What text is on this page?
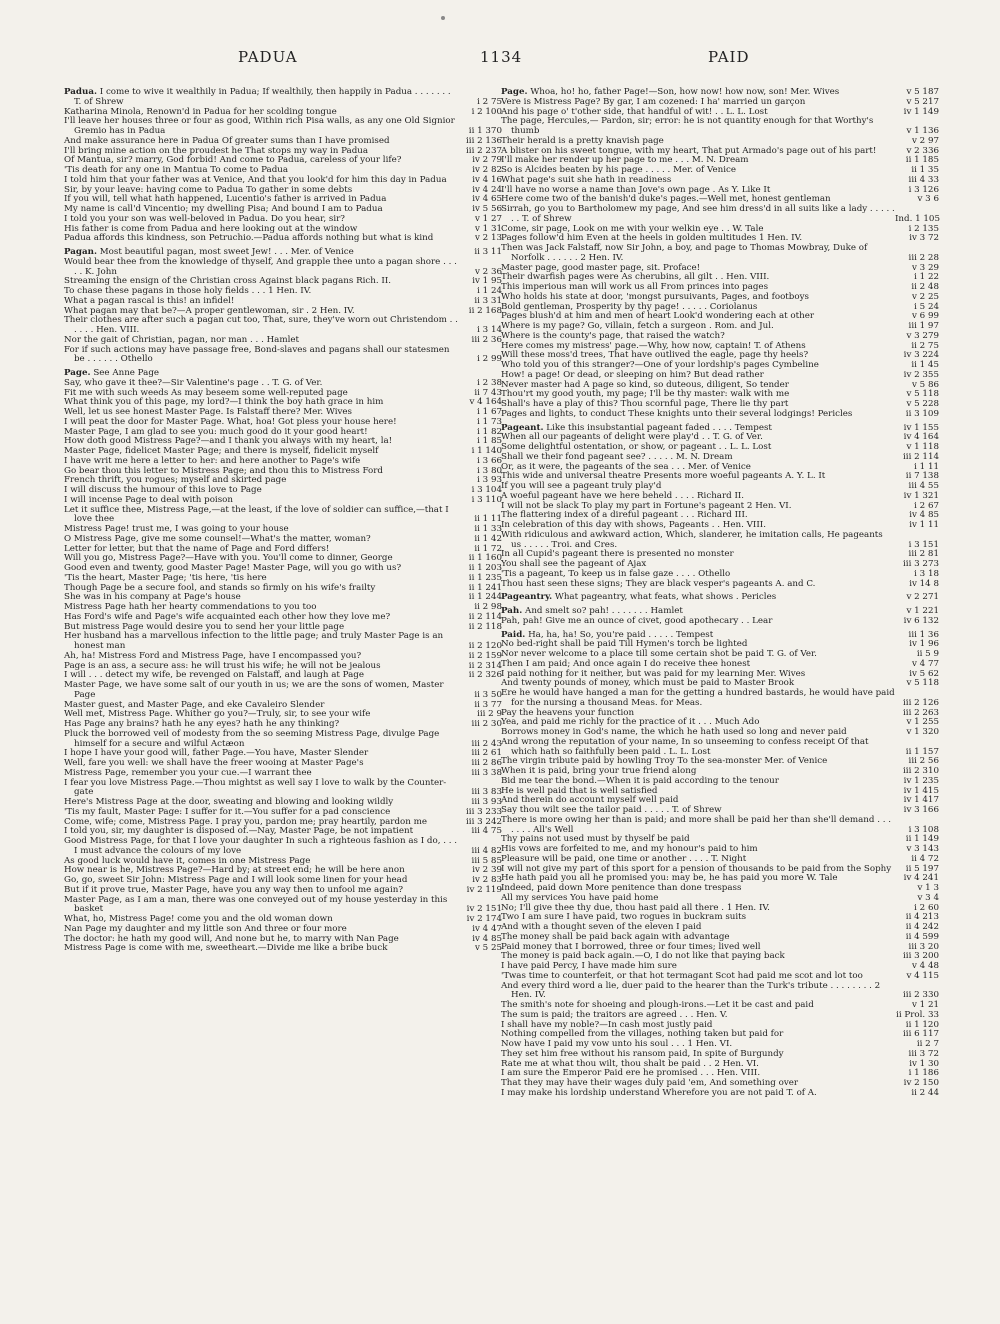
PADUA	1134	PAID
Padua. I come to wive it wealthily in Padua; If wealthily, then happily in Padua . . . . . . . T. of Shrew	i 2 75
Katharina Minola, Renown'd in Padua for her scolding tongue	i 2 100
I'll leave her houses three or four as good, Within rich Pisa walls, as any one Old Signior Gremio has in Padua	ii 1 370
And make assurance here in Padua Of greater sums than I have promised	iii 2 136
I'll bring mine action on the proudest he That stops my way in Padua	iii 2 237
Of Mantua, sir? marry, God forbid! And come to Padua, careless of your life?	iv 2 79
'Tis death for any one in Mantua To come to Padua	iv 2 82
I told him that your father was at Venice, And that you look'd for him this day in Padua	iv 4 16
Sir, by your leave: having come to Padua To gather in some debts	iv 4 24
If you will, tell what hath happened, Lucentio's father is arrived in Padua	iv 4 65
My name is call'd Vincentio; my dwelling Pisa; And bound I am to Padua	iv 5 56
I told you your son was well-beloved in Padua. Do you hear, sir?	v 1 27
His father is come from Padua and here looking out at the window	v 1 31
Padua affords this kindness, son Petruchio.—Padua affords nothing but what is kind	v 2 13
Pagan. Most beautiful pagan, most sweet Jew! . . . Mer. of Venice	ii 3 11
Would bear thee from the knowledge of thyself, And grapple thee unto a pagan shore . . . . . K. John	v 2 36
Streaming the ensign of the Christian cross Against black pagans Rich. II.	iv 1 95
To chase these pagans in those holy fields . . . 1 Hen. IV.	i 1 24
What a pagan rascal is this! an infidel!	ii 3 31
What pagan may that be?—A proper gentlewoman, sir . 2 Hen. IV.	ii 2 168
Their clothes are after such a pagan cut too, That, sure, they've worn out Christendom . . . . . . Hen. VIII.	i 3 14
Nor the gait of Christian, pagan, nor man . . . Hamlet	iii 2 36
For if such actions may have passage free, Bond-slaves and pagans shall our statesmen be . . . . . . Othello	i 2 99
Page. See Anne Page
Say, who gave it thee?—Sir Valentine's page . . T. G. of Ver.	i 2 38
Fit me with such weeds As may beseem some well-reputed page	ii 7 43
What think you of this page, my lord?—I think the boy hath grace in him	v 4 164
Well, let us see honest Master Page. Is Falstaff there? Mer. Wives	i 1 67
I will peat the door for Master Page. What, hoa! Got pless your house here!	i 1 73
Master Page, I am glad to see you: much good do it your good heart!	i 1 82
How doth good Mistress Page?—and I thank you always with my heart, la!	i 1 85
Master Page, fidelicet Master Page; and there is myself, fidelicit myself	i 1 140
I have writ me here a letter to her: and here another to Page's wife	i 3 66
Go bear thou this letter to Mistress Page; and thou this to Mistress Ford	i 3 80
French thrift, you rogues; myself and skirted page	i 3 93
I will discuss the humour of this love to Page	i 3 104
I will incense Page to deal with poison	i 3 110
Let it suffice thee, Mistress Page,—at the least, if the love of soldier can suffice,—that I love thee	ii 1 11
Mistress Page! trust me, I was going to your house	ii 1 33
O Mistress Page, give me some counsel!—What's the matter, woman?	ii 1 42
Letter for letter, but that the name of Page and Ford differs!	ii 1 72
Will you go, Mistress Page?—Have with you. You'll come to dinner, George	ii 1 160
Good even and twenty, good Master Page! Master Page, will you go with us?	ii 1 203
'Tis the heart, Master Page; 'tis here, 'tis here	ii 1 235
Though Page be a secure fool, and stands so firmly on his wife's frailty	ii 1 241
She was in his company at Page's house	ii 1 244
Mistress Page hath her hearty commendations to you too	ii 2 98
Has Ford's wife and Page's wife acquainted each other how they love me?	ii 2 114
But mistress Page would desire you to send her your little page	ii 2 118
Her husband has a marvellous infection to the little page; and truly Master Page is an honest man	ii 2 120
Ah, ha! Mistress Ford and Mistress Page, have I encompassed you?	ii 2 159
Page is an ass, a secure ass: he will trust his wife; he will not be jealous	ii 2 314
I will . . . detect my wife, be revenged on Falstaff, and laugh at Page	ii 2 326
Master Page, we have some salt of our youth in us; we are the sons of women, Master Page	ii 3 50
Master guest, and Master Page, and eke Cavaleiro Slender	ii 3 77
Well met, Mistress Page. Whither go you?—Truly, sir, to see your wife	iii 2 9
Has Page any brains? hath he any eyes? hath he any thinking?	iii 2 30
Pluck the borrowed veil of modesty from the so seeming Mistress Page, divulge Page himself for a secure and wilful Actæon	iii 2 43
I hope I have your good will, father Page.—You have, Master Slender	iii 2 61
Well, fare you well: we shall have the freer wooing at Master Page's	iii 2 86
Mistress Page, remember you your cue.—I warrant thee	iii 3 38
I fear you love Mistress Page.—Thou mightst as well say I love to walk by the Counter-gate	iii 3 83
Here's Mistress Page at the door, sweating and blowing and looking wildly	iii 3 93
'Tis my fault, Master Page: I suffer for it.—You suffer for a pad conscience	iii 3 233
Come, wife; come, Mistress Page. I pray you, pardon me; pray heartily, pardon me	iii 3 242
I told you, sir, my daughter is disposed of.—Nay, Master Page, be not impatient	iii 4 75
Good Mistress Page, for that I love your daughter In such a righteous fashion as I do, . . . I must advance the colours of my love	iii 4 82
As good luck would have it, comes in one Mistress Page	iii 5 85
How near is he, Mistress Page?—Hard by; at street end; he will be here anon	iv 2 39
Go, go, sweet Sir John: Mistress Page and I will look some linen for your head	iv 2 83
But if it prove true, Master Page, have you any way then to unfool me again?	iv 2 119
Master Page, as I am a man, there was one conveyed out of my house yesterday in this basket	iv 2 151
What, ho, Mistress Page! come you and the old woman down	iv 2 174
Nan Page my daughter and my little son And three or four more	iv 4 47
The doctor: he hath my good will, And none but he, to marry with Nan Page	iv 4 85
Mistress Page is come with me, sweetheart.—Divide me like a bribe buck	v 5 25
Page. Whoa, ho! ho, father Page!—Son, how now! how now, son! Mer. Wives	v 5 187
Vere is Mistress Page? By gar, I am cozened: I ha' married un garçon	v 5 217
And his page o' t'other side, that handful of wit! . . L. L. Lost	iv 1 149
The page, Hercules,— Pardon, sir; error: he is not quantity enough for that Worthy's thumb	v 1 136
Their herald is a pretty knavish page	v 2 97
A blister on his sweet tongue, with my heart, That put Armado's page out of his part!	v 2 336
I'll make her render up her page to me . . . M. N. Dream	ii 1 185
So is Alcides beaten by his page . . . . . Mer. of Venice	ii 1 35
What page's suit she hath in readiness	iii 4 33
I'll have no worse a name than Jove's own page . As Y. Like It	i 3 126
Here come two of the banish'd duke's pages.—Well met, honest gentleman	v 3 6
Sirrah, go you to Bartholomew my page, And see him dress'd in all suits like a lady . . . . . . . T. of Shrew	Ind. 1 105
Come, sir page, Look on me with your welkin eye . . W. Tale	i 2 135
Pages follow'd him Even at the heels in golden multitudes 1 Hen. IV.	iv 3 72
Then was Jack Falstaff, now Sir John, a boy, and page to Thomas Mowbray, Duke of Norfolk . . . . . . 2 Hen. IV.	iii 2 28
Master page, good master page, sit. Proface!	v 3 29
Their dwarfish pages were As cherubins, all gilt . . Hen. VIII.	i 1 22
This imperious man will work us all From princes into pages	ii 2 48
Who holds his state at door, 'mongst pursuivants, Pages, and footboys	v 2 25
Bold gentleman, Prosperity by thy page! . . . . . Coriolanus	i 5 24
Pages blush'd at him and men of heart Look'd wondering each at other	v 6 99
Where is my page? Go, villain, fetch a surgeon . Rom. and Jul.	iii 1 97
Where is the county's page, that raised the watch?	v 3 279
Here comes my mistress' page.—Why, how now, captain! T. of Athens	ii 2 75
Will these moss'd trees, That have outlived the eagle, page thy heels?	iv 3 224
Who told you of this stranger?—One of your lordship's pages Cymbeline	ii 1 45
How! a page! Or dead, or sleeping on him? But dead rather	iv 2 355
Never master had A page so kind, so duteous, diligent, So tender	v 5 86
Thou'rt my good youth, my page; I'll be thy master: walk with me	v 5 118
Shall's have a play of this? Thou scornful page, There lie thy part	v 5 228
Pages and lights, to conduct These knights unto their several lodgings! Pericles	ii 3 109
Pageant. Like this insubstantial pageant faded . . . . Tempest	iv 1 155
When all our pageants of delight were play'd . . T. G. of Ver.	iv 4 164
Some delightful ostentation, or show, or pageant . . L. L. Lost	v 1 118
Shall we their fond pageant see? . . . . . M. N. Dream	iii 2 114
Or, as it were, the pageants of the sea . . . Mer. of Venice	i 1 11
This wide and universal theatre Presents more woeful pageants A. Y. L. It	ii 7 138
If you will see a pageant truly play'd	iii 4 55
A woeful pageant have we here beheld . . . . Richard II.	iv 1 321
I will not be slack To play my part in Fortune's pageant 2 Hen. VI.	i 2 67
The flattering index of a direful pageant . . . Richard III.	iv 4 85
In celebration of this day with shows, Pageants . . Hen. VIII.	iv 1 11
With ridiculous and awkward action, Which, slanderer, he imitation calls, He pageants us . . . . . Troi. and Cres.	i 3 151
In all Cupid's pageant there is presented no monster	iii 2 81
You shall see the pageant of Ajax	iii 3 273
'Tis a pageant, To keep us in false gaze . . . . Othello	i 3 18
Thou hast seen these signs; They are black vesper's pageants A. and C.	iv 14 8
Pageantry. What pageantry, what feats, what shows . Pericles	v 2 271
Pah. And smelt so? pah! . . . . . . . Hamlet	v 1 221
Pah, pah! Give me an ounce of civet, good apothecary . . Lear	iv 6 132
Paid. Ha, ha, ha! So, you're paid . . . . . Tempest	iii 1 36
No bed-right shall be paid Till Hymen's torch be lighted	iv 1 96
Nor never welcome to a place till some certain shot be paid T. G. of Ver.	ii 5 9
Then I am paid; And once again I do receive thee honest	v 4 77
I paid nothing for it neither, but was paid for my learning Mer. Wives	iv 5 62
And twenty pounds of money, which must be paid to Master Brook	v 5 118
Ere he would have hanged a man for the getting a hundred bastards, he would have paid for the nursing a thousand Meas. for Meas.	iii 2 126
Pay the heavens your function	iii 2 263
Yea, and paid me richly for the practice of it . . . Much Ado	v 1 255
Borrows money in God's name, the which he hath used so long and never paid	v 1 320
And wrong the reputation of your name, In so unseeming to confess receipt Of that which hath so faithfully been paid . L. L. Lost	ii 1 157
The virgin tribute paid by howling Troy To the sea-monster Mer. of Venice	iii 2 56
When it is paid, bring your true friend along	iii 2 310
Bid me tear the bond.—When it is paid according to the tenour	iv 1 235
He is well paid that is well satisfied	iv 1 415
And therein do account myself well paid	iv 1 417
Say thou wilt see the tailor paid . . . . . T. of Shrew	iv 3 166
There is more owing her than is paid; and more shall be paid her than she'll demand . . . . . . . All's Well	i 3 108
Thy pains not used must by thyself be paid	ii 1 149
His vows are forfeited to me, and my honour's paid to him	v 3 143
Pleasure will be paid, one time or another . . . . T. Night	ii 4 72
I will not give my part of this sport for a pension of thousands to be paid from the Sophy	ii 5 197
He hath paid you all he promised you: may be, he has paid you more W. Tale	iv 4 241
Indeed, paid down More penitence than done trespass	v 1 3
All my services You have paid home	v 3 4
No; I'll give thee thy due, thou hast paid all there . 1 Hen. IV.	i 2 60
Two I am sure I have paid, two rogues in buckram suits	ii 4 213
And with a thought seven of the eleven I paid	ii 4 242
The money shall be paid back again with advantage	ii 4 599
Paid money that I borrowed, three or four times; lived well	iii 3 20
The money is paid back again.—O, I do not like that paying back	iii 3 200
I have paid Percy, I have made him sure	v 4 48
'Twas time to counterfeit, or that hot termagant Scot had paid me scot and lot too	v 4 115
And every third word a lie, duer paid to the hearer than the Turk's tribute . . . . . . . . 2 Hen. IV.	iii 2 330
The smith's note for shoeing and plough-irons.—Let it be cast and paid	v 1 21
The sum is paid; the traitors are agreed . . . Hen. V.	ii Prol. 33
I shall have my noble?—In cash most justly paid	ii 1 120
Nothing compelled from the villages, nothing taken but paid for	iii 6 117
Now have I paid my vow unto his soul . . . 1 Hen. VI.	ii 2 7
They set him free without his ransom paid, In spite of Burgundy	iii 3 72
Rate me at what thou wilt, thou shalt be paid . . 2 Hen. VI.	iv 1 30
I am sure the Emperor Paid ere he promised . . . Hen. VIII.	i 1 186
That they may have their wages duly paid 'em, And something over	iv 2 150
I may make his lordship understand Wherefore you are not paid T. of A.	ii 2 44
